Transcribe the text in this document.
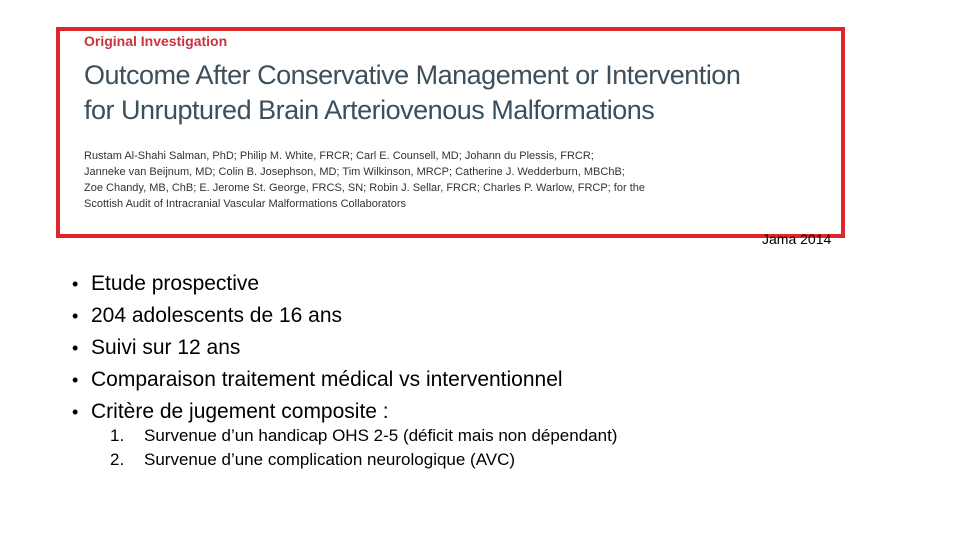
Original Investigation
Outcome After Conservative Management or Intervention
for Unruptured Brain Arteriovenous Malformations
Rustam Al-Shahi Salman, PhD; Philip M. White, FRCR; Carl E. Counsell, MD; Johann du Plessis, FRCR;
Janneke van Beijnum, MD; Colin B. Josephson, MD; Tim Wilkinson, MRCP; Catherine J. Wedderburn, MBChB;
Zoe Chandy, MB, ChB; E. Jerome St. George, FRCS, SN; Robin J. Sellar, FRCR; Charles P. Warlow, FRCP; for the
Scottish Audit of Intracranial Vascular Malformations Collaborators
Jama 2014
• Etude prospective
• 204 adolescents de 16 ans
• Suivi sur 12 ans
• Comparaison traitement médical vs interventionnel
• Critère de jugement composite :
1. Survenue d’un handicap OHS 2-5 (déficit mais non dépendant)
2. Survenue d’une complication neurologique (AVC)
